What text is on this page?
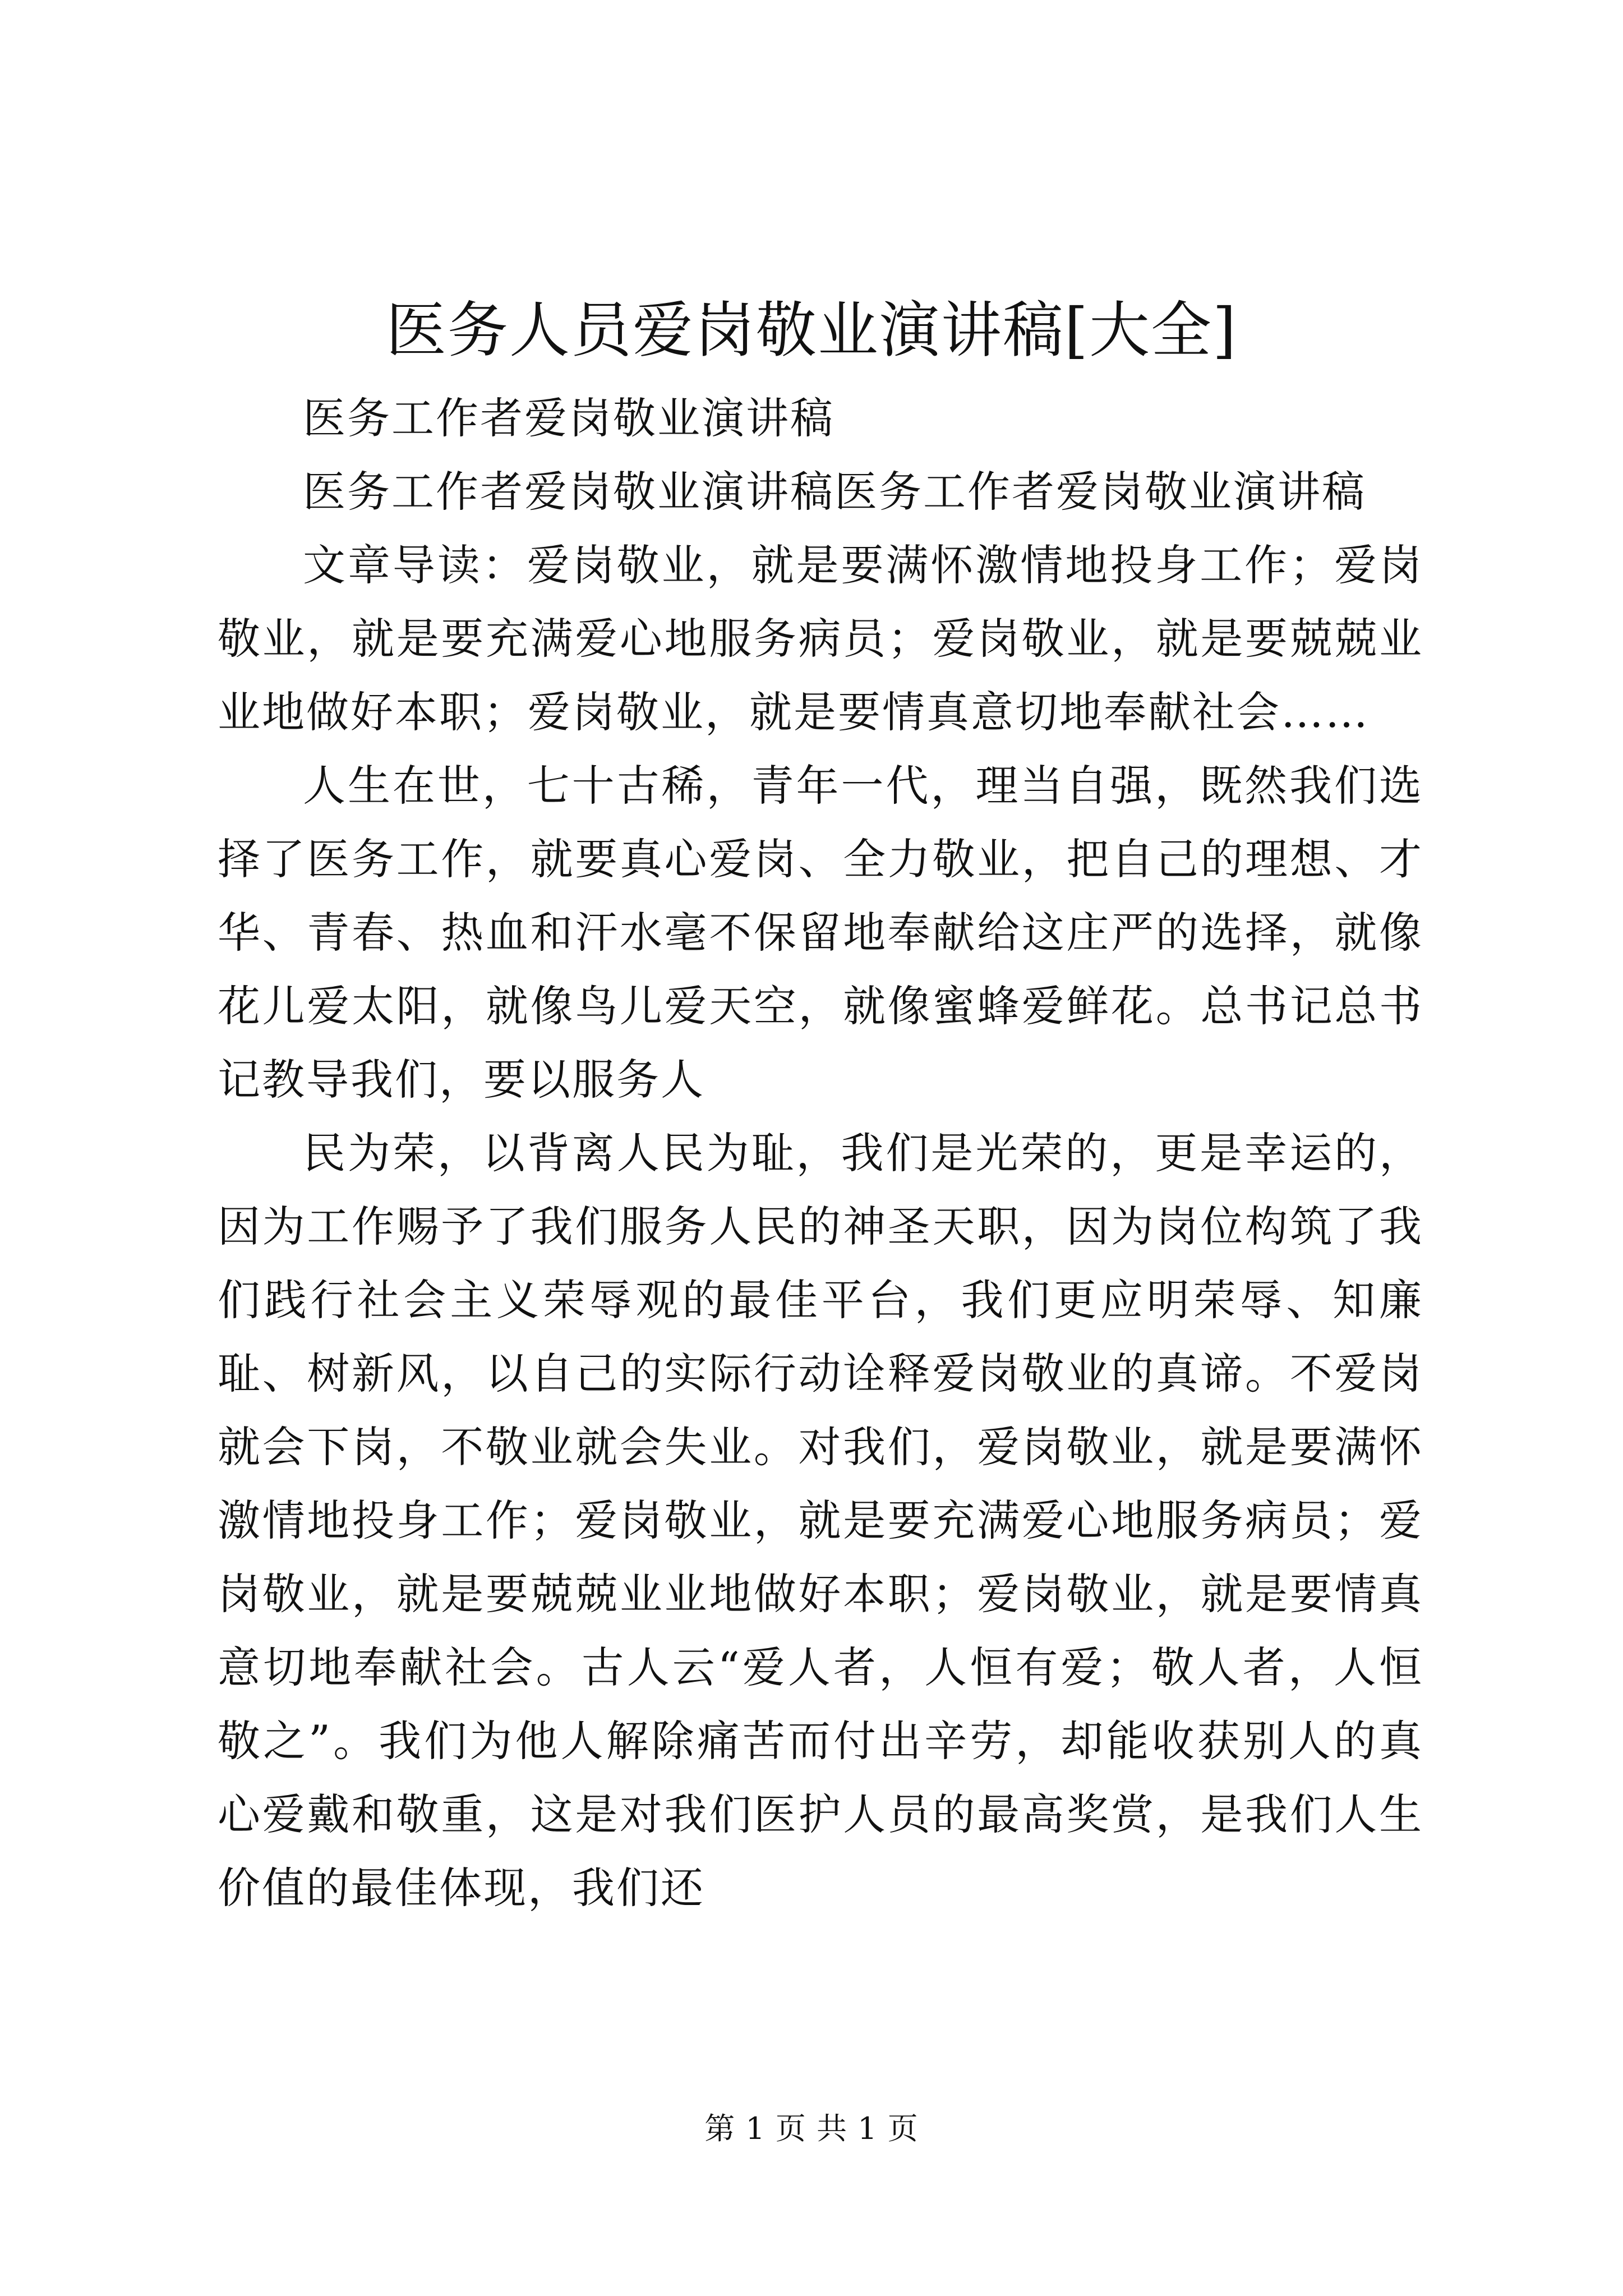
医务人员爱岗敬业演讲稿[大全]

医务工作者爱岗敬业演讲稿

医务工作者爱岗敬业演讲稿医务工作者爱岗敬业演讲稿

文章导读：爱岗敬业，就是要满怀激情地投身工作；爱岗敬业，就是要充满爱心地服务病员；爱岗敬业，就是要兢兢业业地做好本职；爱岗敬业，就是要情真意切地奉献社会……

人生在世，七十古稀，青年一代，理当自强，既然我们选择了医务工作，就要真心爱岗、全力敬业，把自己的理想、才华、青春、热血和汗水毫不保留地奉献给这庄严的选择，就像花儿爱太阳，就像鸟儿爱天空，就像蜜蜂爱鲜花。总书记总书记教导我们，要以服务人

民为荣，以背离人民为耻，我们是光荣的，更是幸运的，因为工作赐予了我们服务人民的神圣天职，因为岗位构筑了我们践行社会主义荣辱观的最佳平台，我们更应明荣辱、知廉耻、树新风，以自己的实际行动诠释爱岗敬业的真谛。不爱岗就会下岗，不敬业就会失业。对我们，爱岗敬业，就是要满怀激情地投身工作；爱岗敬业，就是要充满爱心地服务病员；爱岗敬业，就是要兢兢业业地做好本职；爱岗敬业，就是要情真意切地奉献社会。古人云“爱人者，人恒有爱；敬人者，人恒敬之”。我们为他人解除痛苦而付出辛劳，却能收获别人的真心爱戴和敬重，这是对我们医护人员的最高奖赏，是我们人生价值的最佳体现，我们还

第 1 页 共 1 页
